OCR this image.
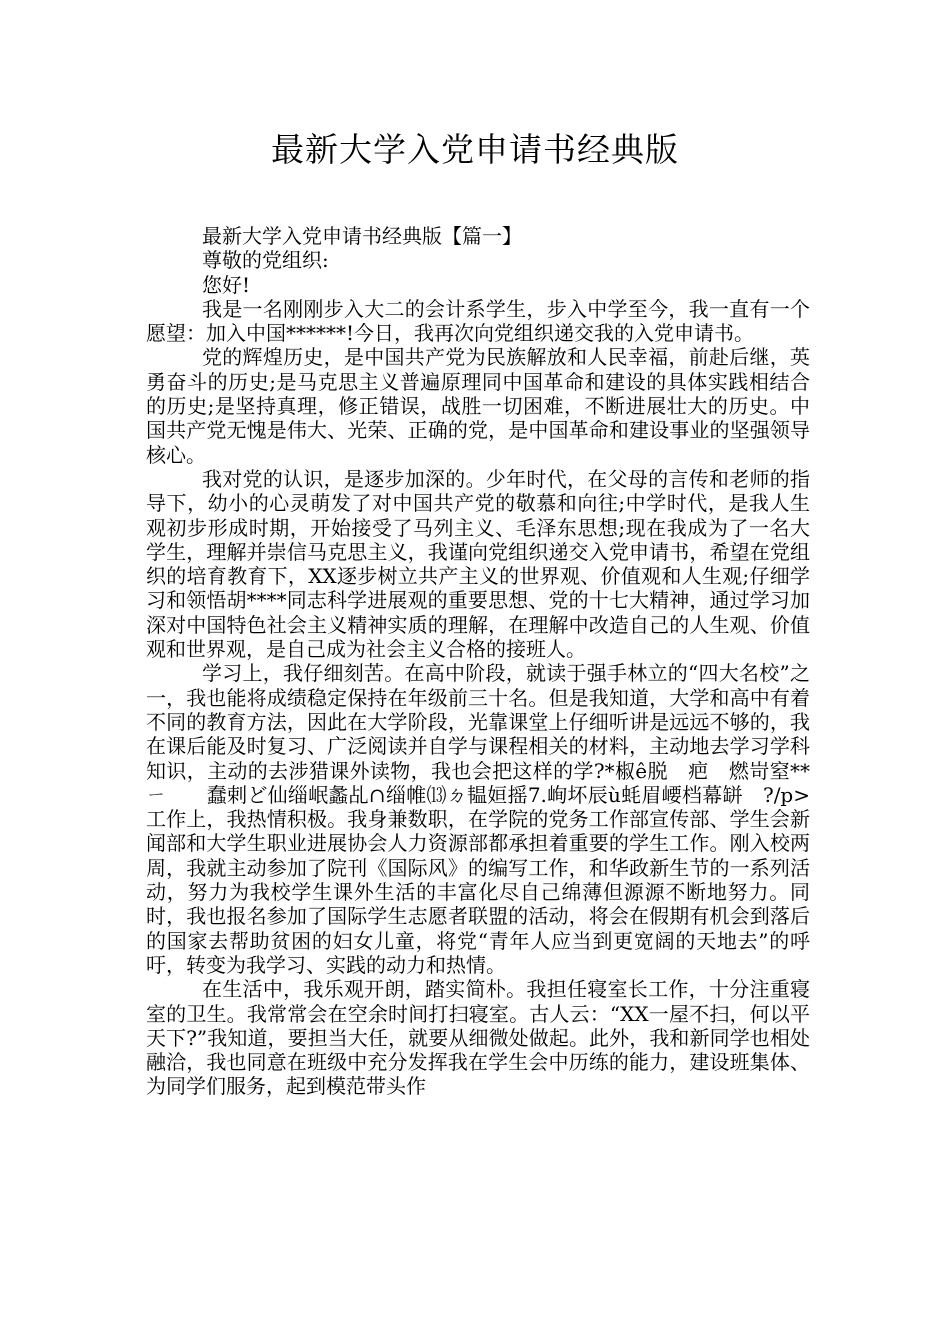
最新大学入党申请书经典版

最新大学入党申请书经典版【篇一】

尊敬的党组织:

您好!

我是一名刚刚步入大二的会计系学生，步入中学至今，我一直有一个愿望：加入中国******!今日，我再次向党组织递交我的入党申请书。

党的辉煌历史，是中国共产党为民族解放和人民幸福，前赴后继，英勇奋斗的历史;是马克思主义普遍原理同中国革命和建设的具体实践相结合的历史;是坚持真理，修正错误，战胜一切困难，不断进展壮大的历史。中国共产党无愧是伟大、光荣、正确的党，是中国革命和建设事业的坚强领导核心。

我对党的认识，是逐步加深的。少年时代，在父母的言传和老师的指导下，幼小的心灵萌发了对中国共产党的敬慕和向往;中学时代，是我人生观初步形成时期，开始接受了马列主义、毛泽东思想;现在我成为了一名大学生，理解并崇信马克思主义，我谨向党组织递交入党申请书，希望在党组织的培育教育下，XX逐步树立共产主义的世界观、价值观和人生观;仔细学习和领悟胡****同志科学进展观的重要思想、党的十七大精神，通过学习加深对中国特色社会主义精神实质的理解，在理解中改造自己的人生观、价值观和世界观，是自己成为社会主义合格的接班人。

学习上，我仔细刻苦。在高中阶段，就读于强手林立的“四大名校”之一，我也能将成绩稳定保持在年级前三十名。但是我知道，大学和高中有着不同的教育方法，因此在大学阶段，光靠课堂上仔细听讲是远远不够的，我在课后能及时复习、广泛阅读并自学与课程相关的材料，主动地去学习学科知识，主动的去涉猎课外读物，我也会把这样的学?*椒ê脱　疤　燃岢窒**ㄧ　　蠢剌ど仙缁岷蠡乩∩缁帷⒀ㄉ韫姮摇7.峋坏辰ù蚝眉崾档幕缾　?/p>　　工作上，我热情积极。我身兼数职，在学院的党务工作部宣传部、学生会新闻部和大学生职业进展协会人力资源部都承担着重要的学生工作。刚入校两周，我就主动参加了院刊《国际风》的编写工作，和华政新生节的一系列活动，努力为我校学生课外生活的丰富化尽自己绵薄但源源不断地努力。同时，我也报名参加了国际学生志愿者联盟的活动，将会在假期有机会到落后的国家去帮助贫困的妇女儿童，将党“青年人应当到更宽阔的天地去”的呼吁，转变为我学习、实践的动力和热情。

在生活中，我乐观开朗，踏实简朴。我担任寝室长工作，十分注重寝室的卫生。我常常会在空余时间打扫寝室。古人云：“XX一屋不扫，何以平天下?”我知道，要担当大任，就要从细微处做起。此外，我和新同学也相处融洽，我也同意在班级中充分发挥我在学生会中历练的能力，建设班集体、为同学们服务，起到模范带头作
